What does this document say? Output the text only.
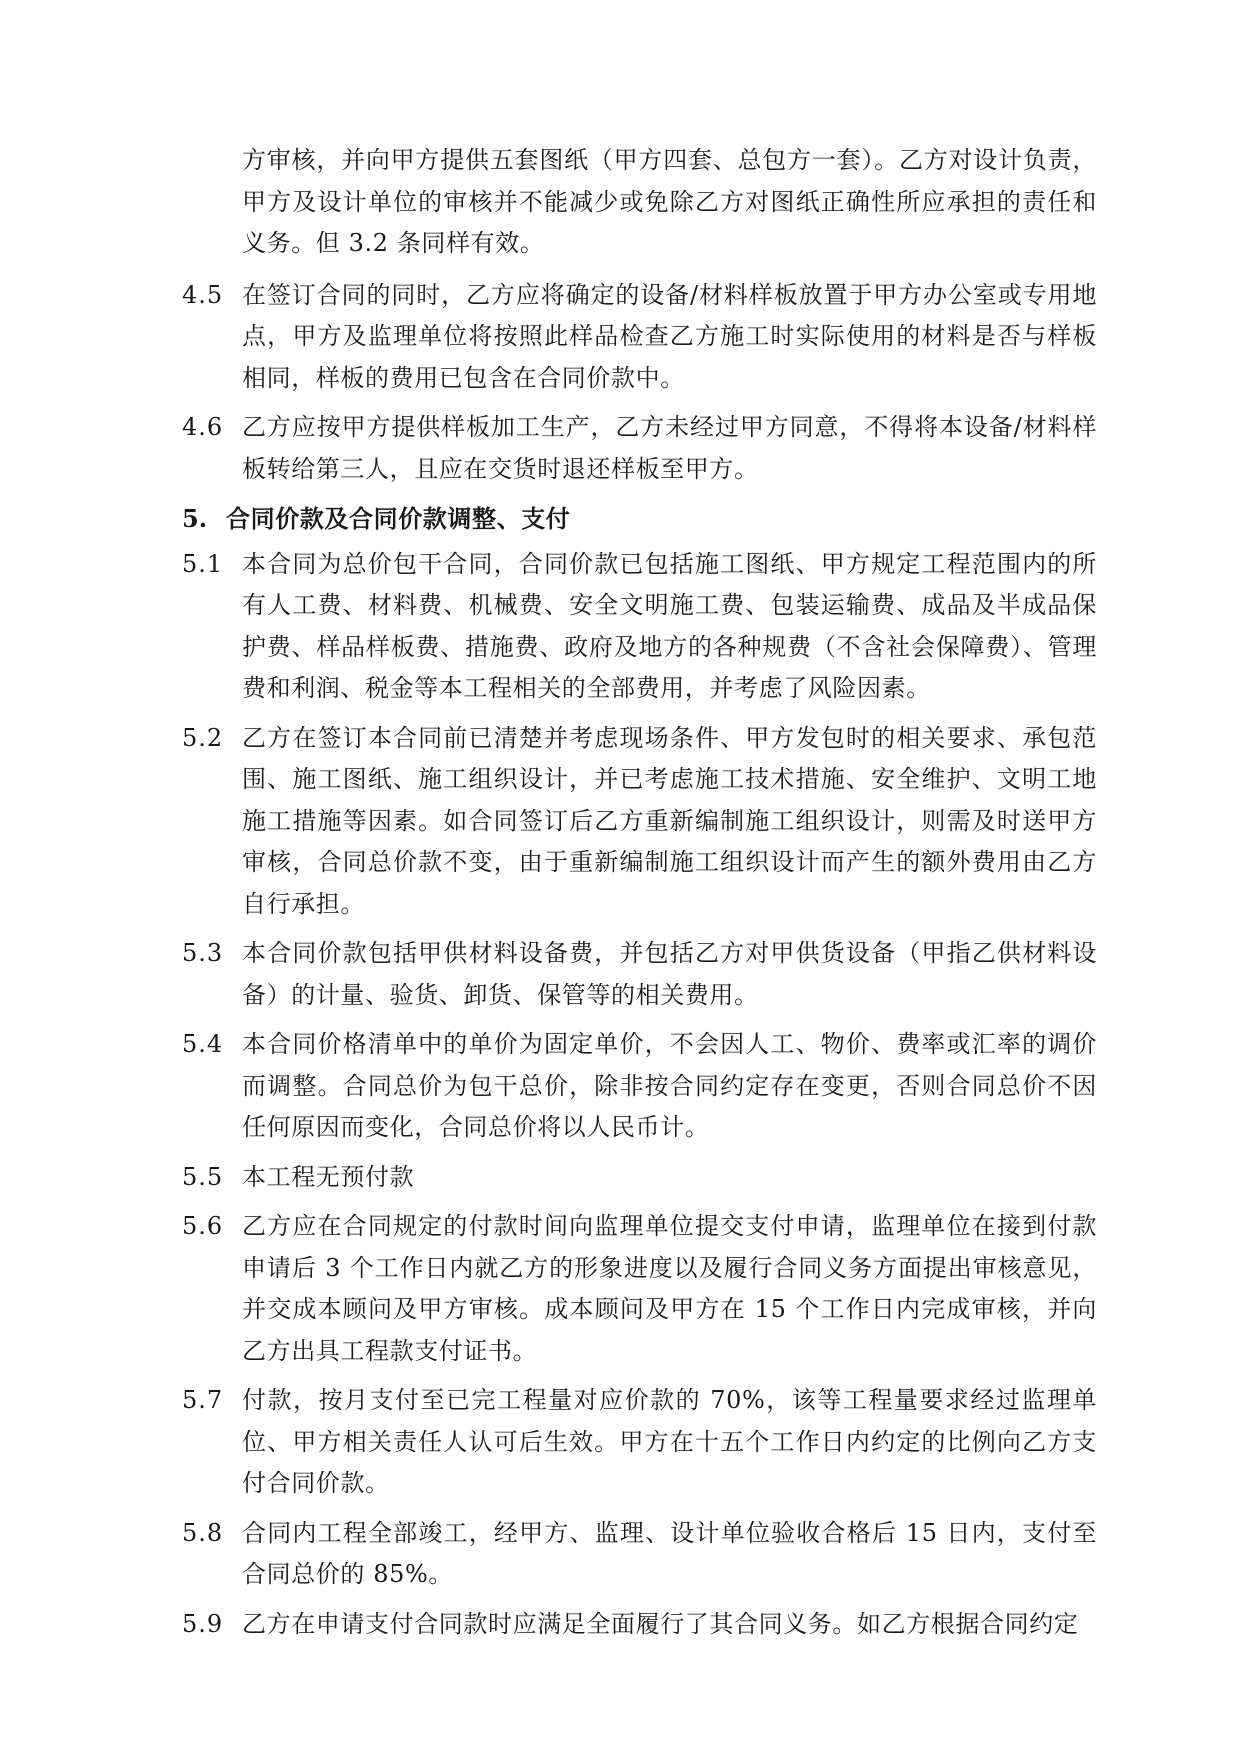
方审核，并向甲方提供五套图纸（甲方四套、总包方一套）。乙方对设计负责，甲方及设计单位的审核并不能减少或免除乙方对图纸正确性所应承担的责任和义务。但 3.2 条同样有效。
4.5 在签订合同的同时，乙方应将确定的设备/材料样板放置于甲方办公室或专用地点，甲方及监理单位将按照此样品检查乙方施工时实际使用的材料是否与样板相同，样板的费用已包含在合同价款中。
4.6 乙方应按甲方提供样板加工生产，乙方未经过甲方同意，不得将本设备/材料样板转给第三人，且应在交货时退还样板至甲方。
5. 合同价款及合同价款调整、支付
5.1 本合同为总价包干合同，合同价款已包括施工图纸、甲方规定工程范围内的所有人工费、材料费、机械费、安全文明施工费、包装运输费、成品及半成品保护费、样品样板费、措施费、政府及地方的各种规费（不含社会保障费）、管理费和利润、税金等本工程相关的全部费用，并考虑了风险因素。
5.2 乙方在签订本合同前已清楚并考虑现场条件、甲方发包时的相关要求、承包范围、施工图纸、施工组织设计，并已考虑施工技术措施、安全维护、文明工地施工措施等因素。如合同签订后乙方重新编制施工组织设计，则需及时送甲方审核，合同总价款不变，由于重新编制施工组织设计而产生的额外费用由乙方自行承担。
5.3 本合同价款包括甲供材料设备费，并包括乙方对甲供货设备（甲指乙供材料设备）的计量、验货、卸货、保管等的相关费用。
5.4 本合同价格清单中的单价为固定单价，不会因人工、物价、费率或汇率的调价而调整。合同总价为包干总价，除非按合同约定存在变更，否则合同总价不因任何原因而变化，合同总价将以人民币计。
5.5 本工程无预付款
5.6 乙方应在合同规定的付款时间向监理单位提交支付申请，监理单位在接到付款申请后 3 个工作日内就乙方的形象进度以及履行合同义务方面提出审核意见，并交成本顾问及甲方审核。成本顾问及甲方在 15 个工作日内完成审核，并向乙方出具工程款支付证书。
5.7 付款，按月支付至已完工程量对应价款的 70%，该等工程量要求经过监理单位、甲方相关责任人认可后生效。甲方在十五个工作日内约定的比例向乙方支付合同价款。
5.8 合同内工程全部竣工，经甲方、监理、设计单位验收合格后 15 日内，支付至合同总价的 85%。
5.9 乙方在申请支付合同款时应满足全面履行了其合同义务。如乙方根据合同约定
